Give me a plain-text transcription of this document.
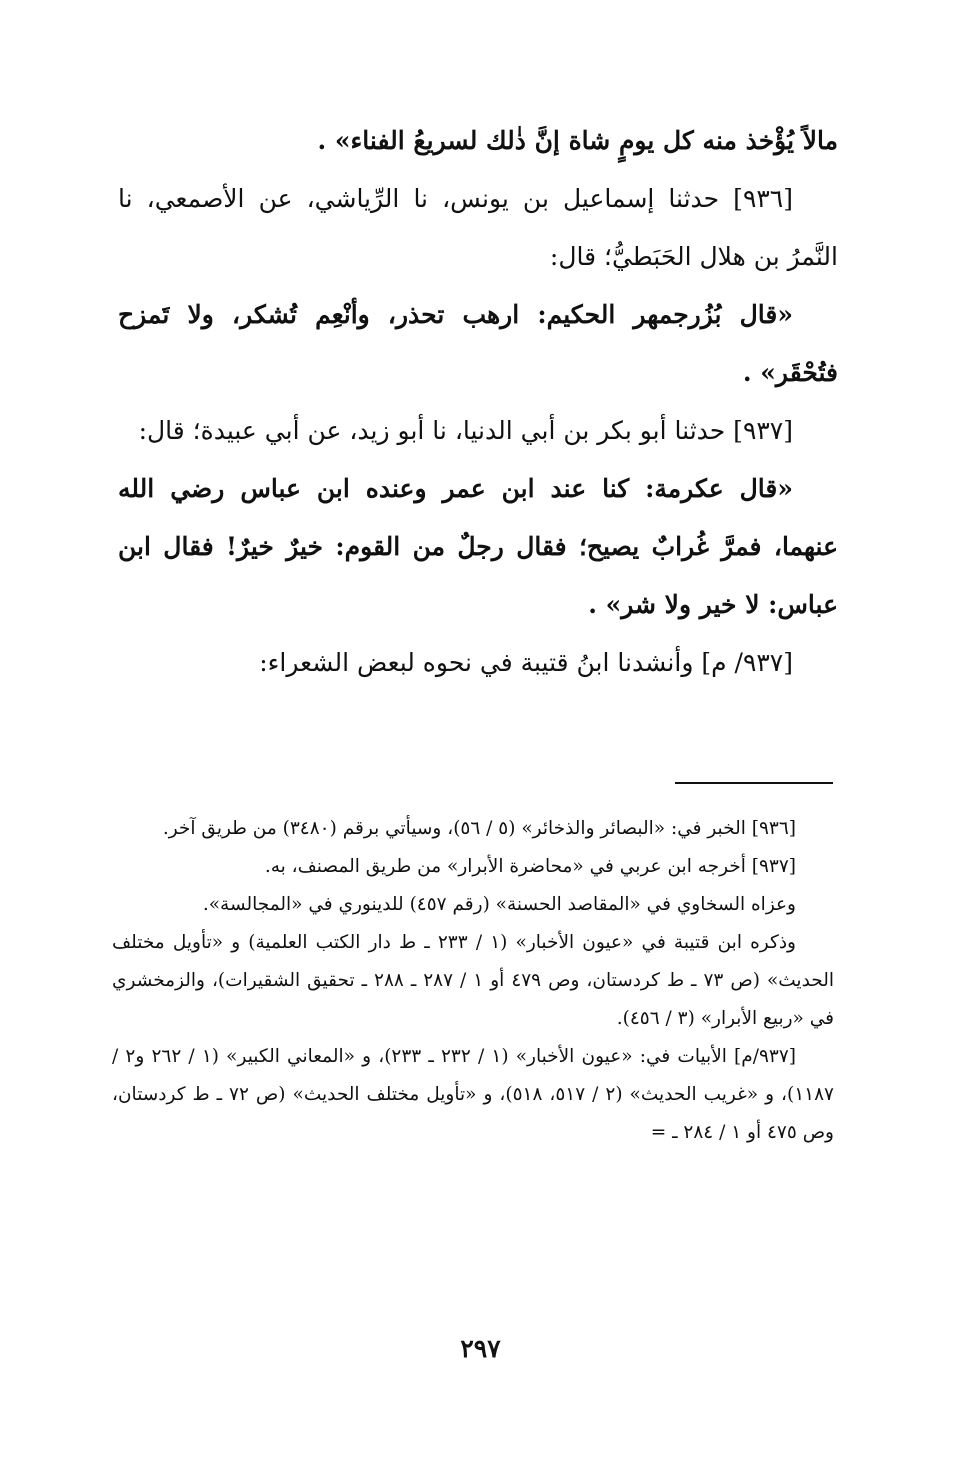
مالاً يُؤْخذ منه كل يومٍ شاة إنَّ ذٰلك لسريعُ الفناء» .

[٩٣٦] حدثنا إسماعيل بن يونس، نا الرِّياشي، عن الأصمعي، نا النَّمرُ بن هلال الحَبَطيُّ؛ قال:

«قال بُزُرجمهر الحكيم: ارهب تحذر، وأنْعِم تُشكر، ولا تَمزح فتُحْقَر» .

[٩٣٧] حدثنا أبو بكر بن أبي الدنيا، نا أبو زيد، عن أبي عبيدة؛ قال:

«قال عكرمة: كنا عند ابن عمر وعنده ابن عباس رضي الله عنهما، فمرَّ غُرابٌ يصيح؛ فقال رجلٌ من القوم: خيرٌ خيرٌ! فقال ابن عباس: لا خير ولا شر» .

[٩٣٧/ م] وأنشدنا ابنُ قتيبة في نحوه لبعض الشعراء:

[٩٣٦] الخبر في: «البصائر والذخائر» (٥ / ٥٦)، وسيأتي برقم (٣٤٨٠) من طريق آخر.

[٩٣٧] أخرجه ابن عربي في «محاضرة الأبرار» من طريق المصنف، به.

وعزاه السخاوي في «المقاصد الحسنة» (رقم ٤٥٧) للدينوري في «المجالسة».

وذكره ابن قتيبة في «عيون الأخبار» (١ / ٢٣٣ ـ ط دار الكتب العلمية) و «تأويل مختلف الحديث» (ص ٧٣ ـ ط كردستان، وص ٤٧٩ أو ١ / ٢٨٧ ـ ٢٨٨ ـ تحقيق الشقيرات)، والزمخشري في «ربيع الأبرار» (٣ / ٤٥٦).

[٩٣٧/م] الأبيات في: «عيون الأخبار» (١ / ٢٣٢ ـ ٢٣٣)، و «المعاني الكبير» (١ / ٢٦٢ و٢ / ١١٨٧)، و «غريب الحديث» (٢ / ٥١٧، ٥١٨)، و «تأويل مختلف الحديث» (ص ٧٢ ـ ط كردستان، وص ٤٧٥ أو ١ / ٢٨٤ ـ =

٢٩٧
